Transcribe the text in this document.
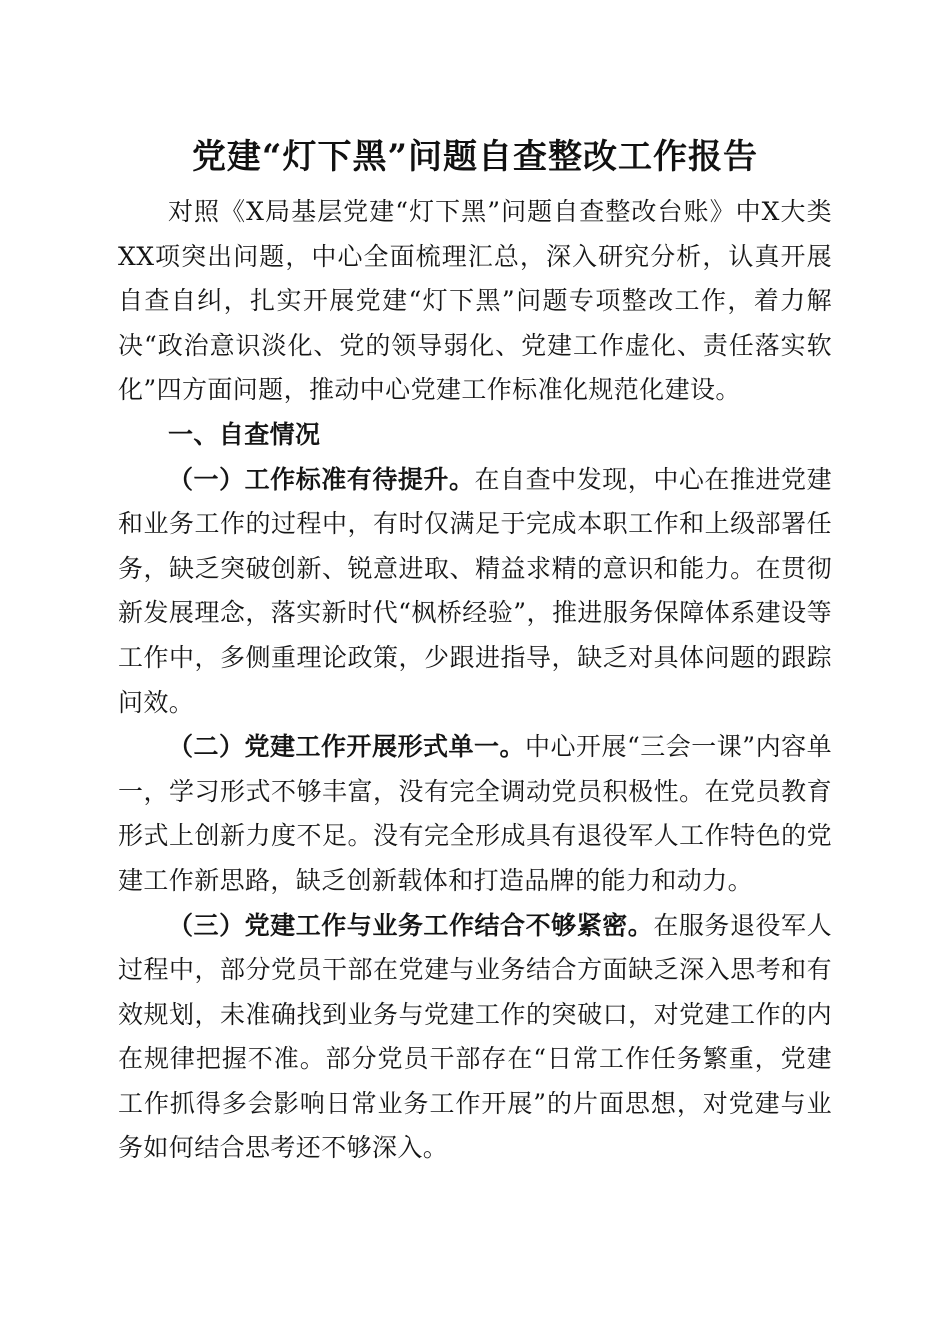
党建“灯下黑”问题自查整改工作报告

对照《X局基层党建“灯下黑”问题自查整改台账》中X大类XX项突出问题，中心全面梳理汇总，深入研究分析，认真开展自查自纠，扎实开展党建“灯下黑”问题专项整改工作，着力解决“政治意识淡化、党的领导弱化、党建工作虚化、责任落实软化”四方面问题，推动中心党建工作标准化规范化建设。

一、自查情况

（一）工作标准有待提升。在自查中发现，中心在推进党建和业务工作的过程中，有时仅满足于完成本职工作和上级部署任务，缺乏突破创新、锐意进取、精益求精的意识和能力。在贯彻新发展理念，落实新时代“枫桥经验”，推进服务保障体系建设等工作中，多侧重理论政策，少跟进指导，缺乏对具体问题的跟踪问效。

（二）党建工作开展形式单一。中心开展“三会一课”内容单一，学习形式不够丰富，没有完全调动党员积极性。在党员教育形式上创新力度不足。没有完全形成具有退役军人工作特色的党建工作新思路，缺乏创新载体和打造品牌的能力和动力。

（三）党建工作与业务工作结合不够紧密。在服务退役军人过程中，部分党员干部在党建与业务结合方面缺乏深入思考和有效规划，未准确找到业务与党建工作的突破口，对党建工作的内在规律把握不准。部分党员干部存在“日常工作任务繁重，党建工作抓得多会影响日常业务工作开展”的片面思想，对党建与业务如何结合思考还不够深入。
